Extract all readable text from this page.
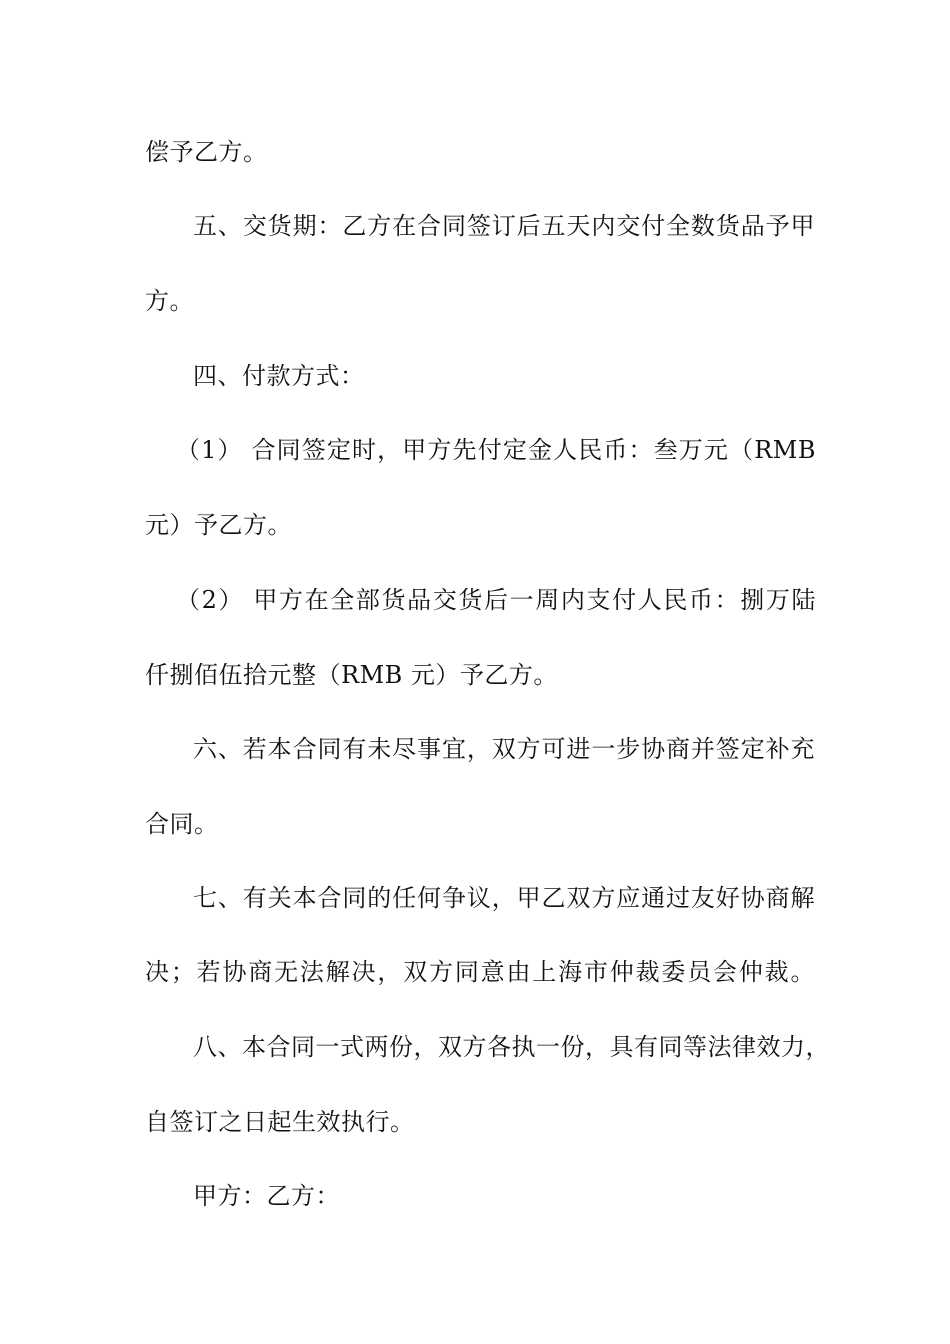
偿予乙方。
五、交货期：乙方在合同签订后五天内交付全数货品予甲
方。
四、付款方式：
（1） 合同签定时，甲方先付定金人民币：叁万元（RMB
元）予乙方。
（2） 甲方在全部货品交货后一周内支付人民币：捌万陆
仟捌佰伍拾元整（RMB 元）予乙方。
六、若本合同有未尽事宜，双方可进一步协商并签定补充
合同。
七、有关本合同的任何争议，甲乙双方应通过友好协商解
决；若协商无法解决，双方同意由上海市仲裁委员会仲裁。
八、本合同一式两份，双方各执一份，具有同等法律效力，
自签订之日起生效执行。
甲方：乙方：
